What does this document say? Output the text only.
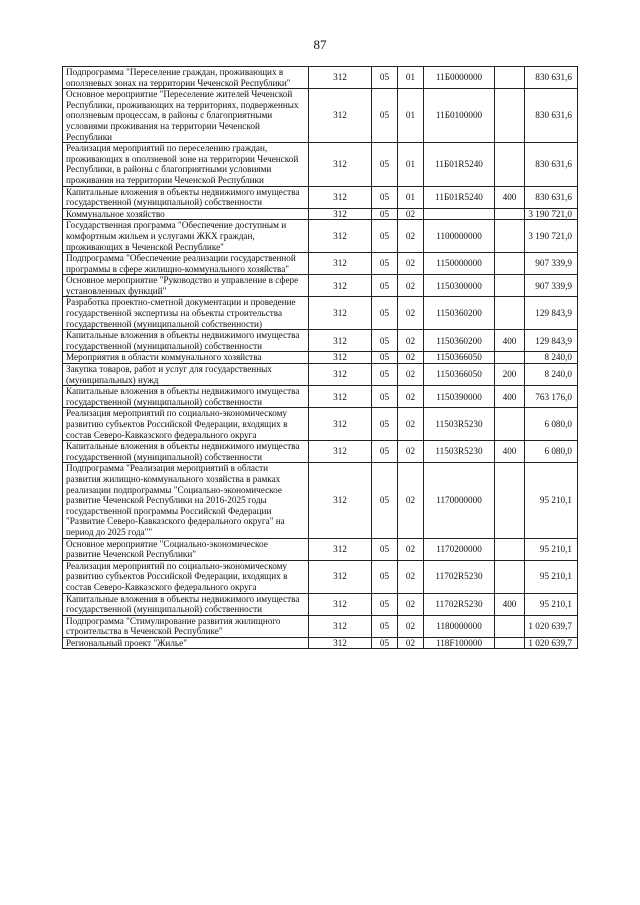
87
Подпрограмма "Переселение граждан, проживающих в оползневых зонах на территории Чеченской Республики"	312	05	01	11Б0000000		830 631,6
Основное мероприятие "Переселение жителей Чеченской Республики, проживающих на территориях, подверженных оползневым процессам, в районы с благоприятными условиями проживания на территории Чеченской Республики	312	05	01	11Б0100000		830 631,6
Реализация мероприятий по переселению граждан, проживающих в оползневой зоне на территории Чеченской Республики, в районы с благоприятными условиями проживания на территории Чеченской Республики	312	05	01	11Б01R5240		830 631,6
Капитальные вложения в объекты недвижимого имущества государственной (муниципальной) собственности	312	05	01	11Б01R5240	400	830 631,6
Коммунальное хозяйство	312	05	02			3 190 721,0
Государственная программа "Обеспечение доступным и комфортным жильем и услугами ЖКХ граждан, проживающих в Чеченской Республике"	312	05	02	1100000000		3 190 721,0
Подпрограмма "Обеспечение реализации государственной программы в сфере жилищно-коммунального хозяйства"	312	05	02	1150000000		907 339,9
Основное мероприятие "Руководство и управление в сфере установленных функций"	312	05	02	1150300000		907 339,9
Разработка проектно-сметной документации и проведение государственной экспертизы на объекты строительства государственной (муниципальной собственности)	312	05	02	1150360200		129 843,9
Капитальные вложения в объекты недвижимого имущества государственной (муниципальной) собственности	312	05	02	1150360200	400	129 843,9
Мероприятия в области коммунального хозяйства	312	05	02	1150366050		8 240,0
Закупка товаров, работ и услуг для государственных (муниципальных) нужд	312	05	02	1150366050	200	8 240,0
Капитальные вложения в объекты недвижимого имущества государственной (муниципальной) собственности	312	05	02	1150390000	400	763 176,0
Реализация мероприятий по социально-экономическому развитию субъектов Российской Федерации, входящих в состав Северо-Кавказского федерального округа	312	05	02	11503R5230		6 080,0
Капитальные вложения в объекты недвижимого имущества государственной (муниципальной) собственности	312	05	02	11503R5230	400	6 080,0
Подпрограмма "Реализация мероприятий в области развития жилищно-коммунального хозяйства в рамках реализации подпрограммы "Социально-экономическое развитие Чеченской Республики на 2016-2025 годы государственной программы Российской Федерации "Развитие Северо-Кавказского федерального округа" на период до 2025 года""	312	05	02	1170000000		95 210,1
Основное мероприятие "Социально-экономическое развитие Чеченской Республики"	312	05	02	1170200000		95 210,1
Реализация мероприятий по социально-экономическому развитию субъектов Российской Федерации, входящих в состав Северо-Кавказского федерального округа	312	05	02	11702R5230		95 210,1
Капитальные вложения в объекты недвижимого имущества государственной (муниципальной) собственности	312	05	02	11702R5230	400	95 210,1
Подпрограмма "Стимулирование развития жилищного строительства в Чеченской Республике"	312	05	02	1180000000		1 020 639,7
Региональный проект "Жилье"	312	05	02	118F100000		1 020 639,7
